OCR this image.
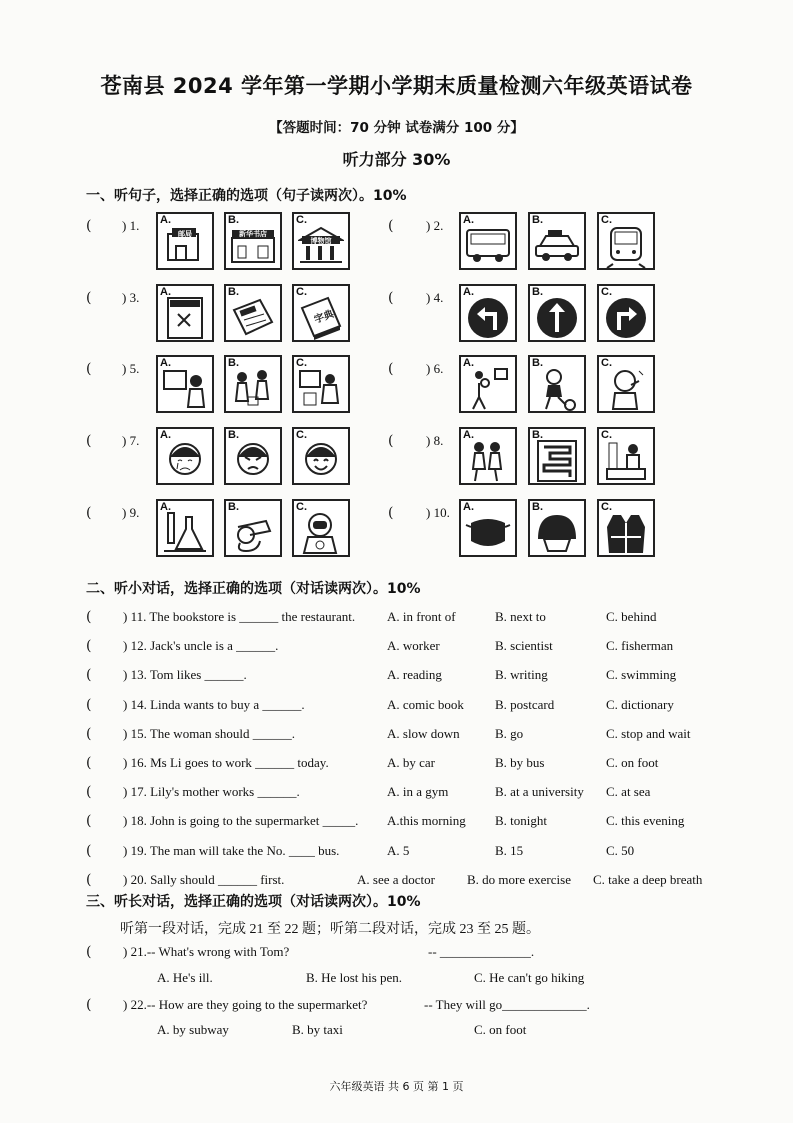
苍南县 2024 学年第一学期小学期末质量检测六年级英语试卷
【答题时间：70 分钟 试卷满分 100 分】
听力部分 30%
一、听句子，选择正确的选项（句子读两次）。10%
( ) 1. A.
邮局
B.
新华书店
C.
博物馆
(	) 2. A.	B.	C.
( ) 3. A.	B.	C.
字典
(	) 4. A.	B.	C.
( ) 5. A.	B.	C.	(	) 6. A.	B.	C.
( ) 7. A.	B.	C.	(	) 8. A.	B.	C.
( ) 9. A.	B.	C.	(	) 10. A.	B.	C.
二、听小对话，选择正确的选项（对话读两次）。10%
( ) 11. The bookstore is ______ the restaurant. A. in front of	B. next to	C. behind
( ) 12. Jack's uncle is a ______.	A. worker	B. scientist	C. fisherman
( ) 13. Tom likes ______.	A. reading	B. writing	C. swimming
( ) 14. Linda wants to buy a ______.	A. comic book B. postcard	C. dictionary
( ) 15. The woman should ______.	A. slow down	B. go	C. stop and wait
( ) 16. Ms Li goes to work ______ today.	A. by car	B. by bus	C. on foot
( ) 17. Lily's mother works ______.	A. in a gym	B. at a university C. at sea
( ) 18. John is going to the supermarket _____. A.this morning B. tonight	C. this evening
( ) 19. The man will take the No. ____ bus.	A. 5	B. 15	C. 50
( ) 20. Sally should ______ first.	A. see a doctor B. do more exercise C. take a deep breath
三、听长对话，选择正确的选项（对话读两次）。10%
听第一段对话，完成 21 至 22 题；听第二段对话，完成 23 至 25 题。
( ) 21.-- What's wrong with Tom?	-- ______________.
A. He's ill.	B. He lost his pen.	C. He can't go hiking
( ) 22.-- How are they going to the supermarket?	-- They will go_____________.
A. by subway	B. by taxi	C. on foot
六年级英语 共 6 页 第 1 页
